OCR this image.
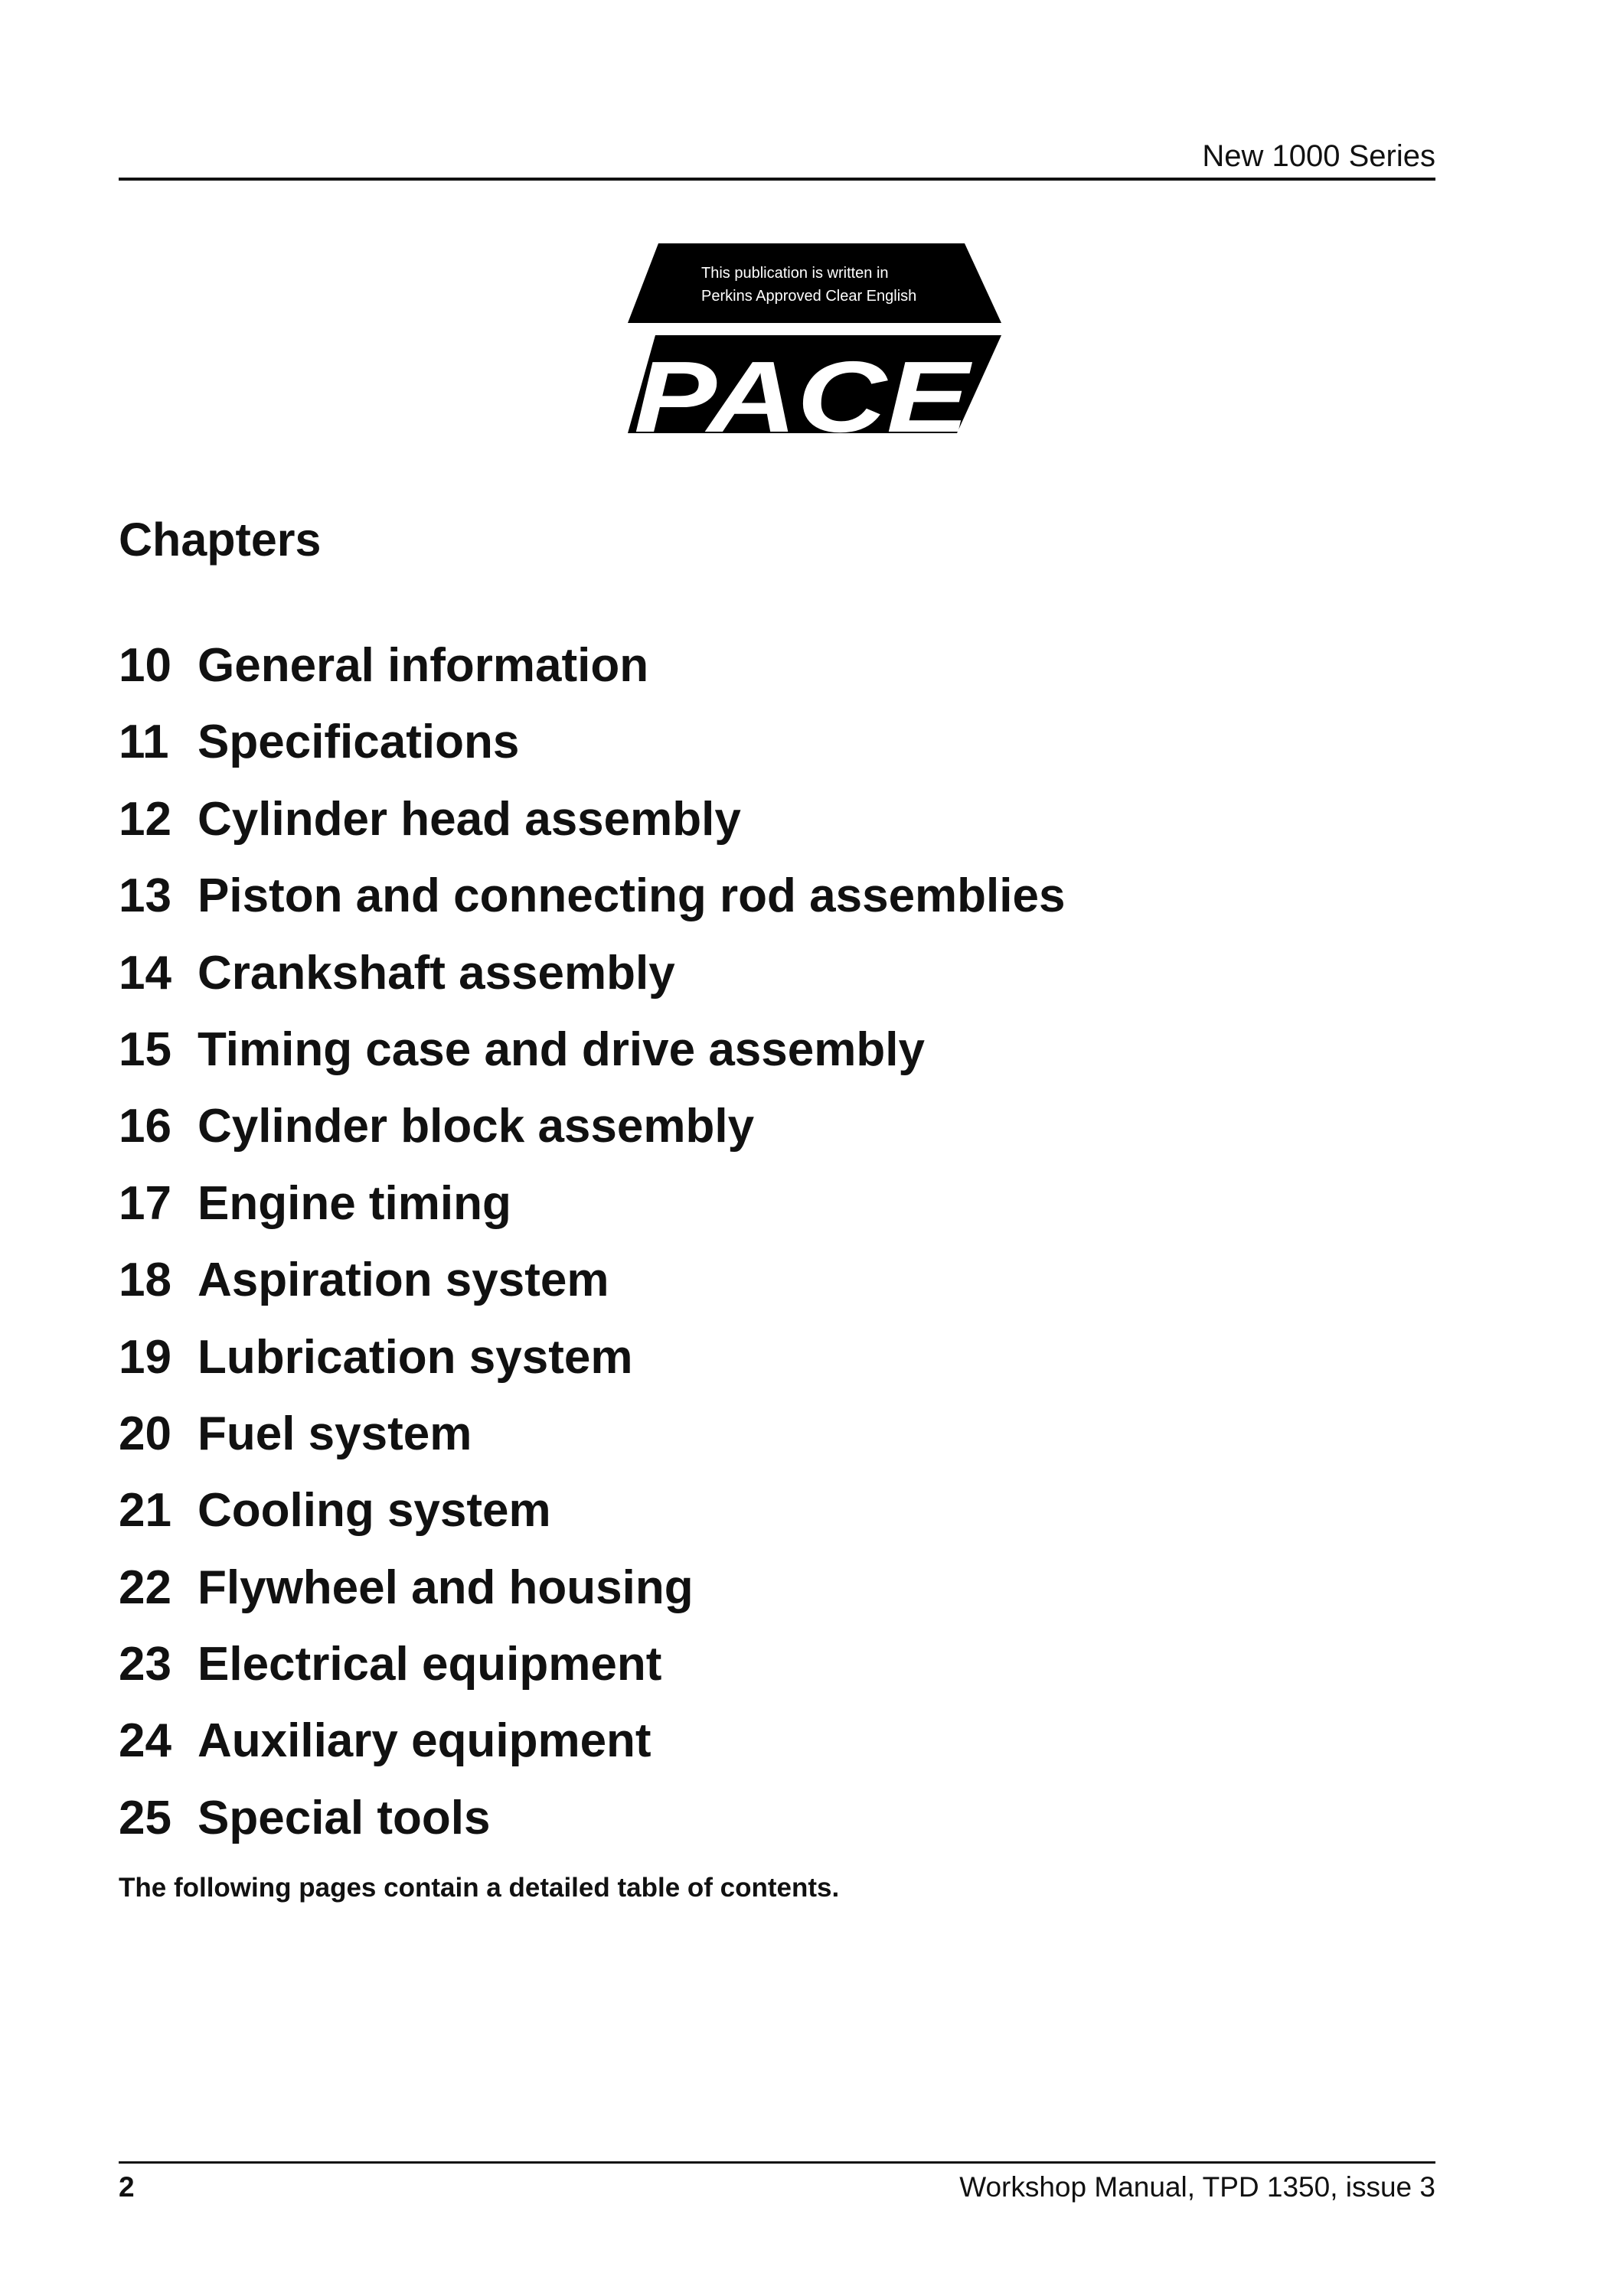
New 1000 Series
This publication is written in
Perkins Approved Clear English
PACE
Chapters
10 General information
11 Specifications
12 Cylinder head assembly
13 Piston and connecting rod assemblies
14 Crankshaft assembly
15 Timing case and drive assembly
16 Cylinder block assembly
17 Engine timing
18 Aspiration system
19 Lubrication system
20 Fuel system
21 Cooling system
22 Flywheel and housing
23 Electrical equipment
24 Auxiliary equipment
25 Special tools

The following pages contain a detailed table of contents.

2	Workshop Manual, TPD 1350, issue 3
